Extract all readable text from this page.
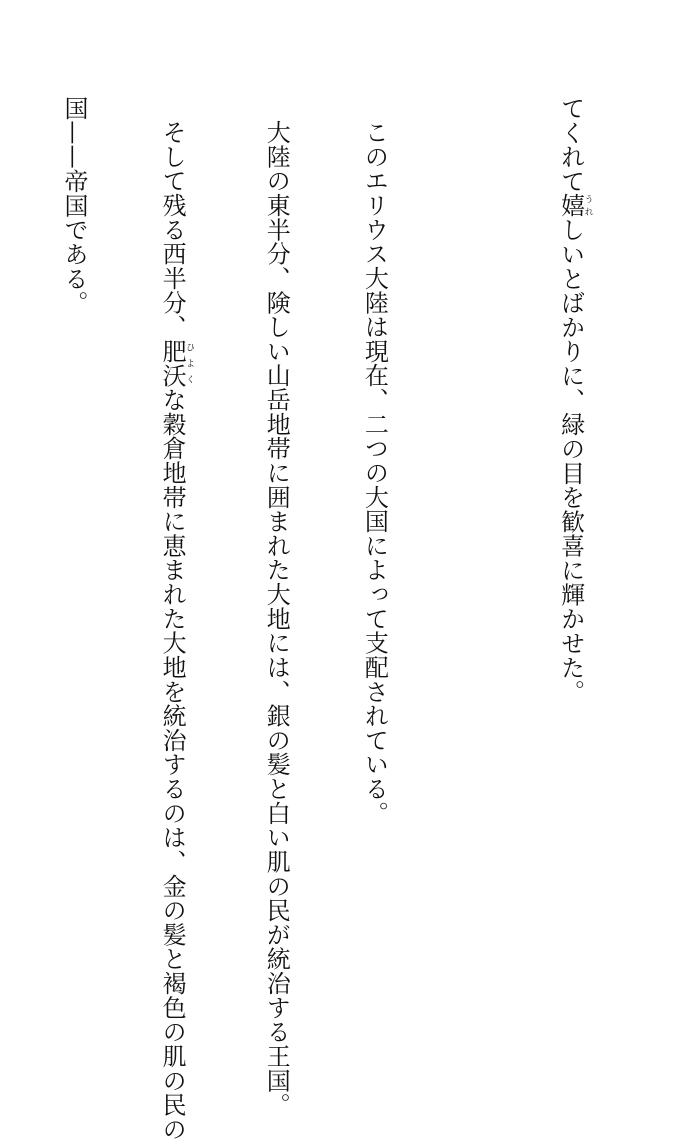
てくれて嬉うれしいとばかりに、緑の目を歓喜に輝かせた。

このエリウス大陸は現在、二つの大国によって支配されている。

大陸の東半分、険しい山岳地帯に囲まれた大地には、銀の髪と白い肌の民が統治する王国。

そして残る西半分、肥沃ひよくな穀倉地帯に恵まれた大地を統治するのは、金の髪と褐色の肌の民の

国——帝国である。
